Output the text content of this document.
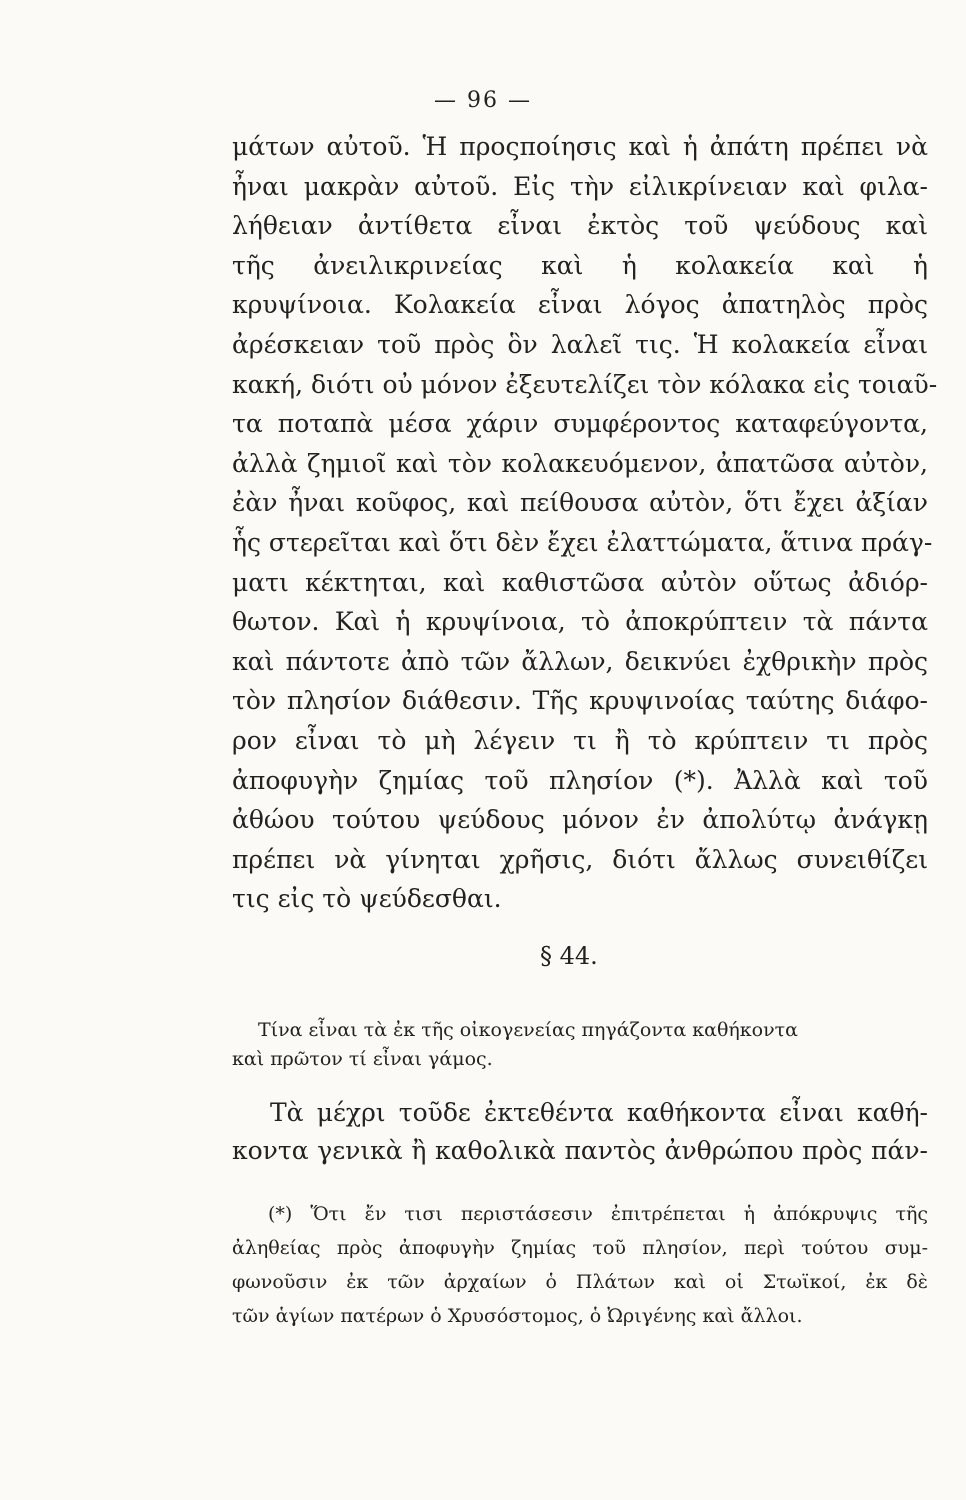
— 96 —
μάτων αὐτοῦ. Ἡ προςποίησις καὶ ἡ ἀπάτη πρέπει νὰ
ἦναι μακρὰν αὐτοῦ. Εἰς τὴν εἰλικρίνειαν καὶ φιλα-
λήθειαν ἀντίθετα εἶναι ἐκτὸς τοῦ ψεύδους καὶ
τῆς ἀνειλικρινείας καὶ ἡ κολακεία καὶ ἡ
κρυψίνοια. Κολακεία εἶναι λόγος ἀπατηλὸς πρὸς
ἀρέσκειαν τοῦ πρὸς ὃν λαλεῖ τις. Ἡ κολακεία εἶναι
κακή, διότι οὐ μόνον ἐξευτελίζει τὸν κόλακα εἰς τοιαῦ-
τα ποταπὰ μέσα χάριν συμφέροντος καταφεύγοντα,
ἀλλὰ ζημιοῖ καὶ τὸν κολακευόμενον, ἀπατῶσα αὐτὸν,
ἐὰν ἦναι κοῦφος, καὶ πείθουσα αὐτὸν, ὅτι ἔχει ἀξίαν
ἧς στερεῖται καὶ ὅτι δὲν ἔχει ἐλαττώματα, ἅτινα πράγ-
ματι κέκτηται, καὶ καθιστῶσα αὐτὸν οὕτως ἀδιόρ-
θωτον. Καὶ ἡ κρυψίνοια, τὸ ἀποκρύπτειν τὰ πάντα
καὶ πάντοτε ἀπὸ τῶν ἄλλων, δεικνύει ἐχθρικὴν πρὸς
τὸν πλησίον διάθεσιν. Τῆς κρυψινοίας ταύτης διάφο-
ρον εἶναι τὸ μὴ λέγειν τι ἢ τὸ κρύπτειν τι πρὸς
ἀποφυγὴν ζημίας τοῦ πλησίον (*). Ἀλλὰ καὶ τοῦ
ἀθώου τούτου ψεύδους μόνον ἐν ἀπολύτῳ ἀνάγκῃ
πρέπει νὰ γίνηται χρῆσις, διότι ἄλλως συνειθίζει
τις εἰς τὸ ψεύδεσθαι.
§ 44.
Τίνα εἶναι τὰ ἐκ τῆς οἰκογενείας πηγάζοντα καθήκοντα
καὶ πρῶτον τί εἶναι γάμος.
Τὰ μέχρι τοῦδε ἐκτεθέντα καθήκοντα εἶναι καθή-
κοντα γενικὰ ἢ καθολικὰ παντὸς ἀνθρώπου πρὸς πάν-
(*) Ὅτι ἔν τισι περιστάσεσιν ἐπιτρέπεται ἡ ἀπόκρυψις τῆς
ἀληθείας πρὸς ἀποφυγὴν ζημίας τοῦ πλησίον, περὶ τούτου συμ-
φωνοῦσιν ἐκ τῶν ἀρχαίων ὁ Πλάτων καὶ οἱ Στωϊκοί, ἐκ δὲ
τῶν ἁγίων πατέρων ὁ Χρυσόστομος, ὁ Ὠριγένης καὶ ἄλλοι.
